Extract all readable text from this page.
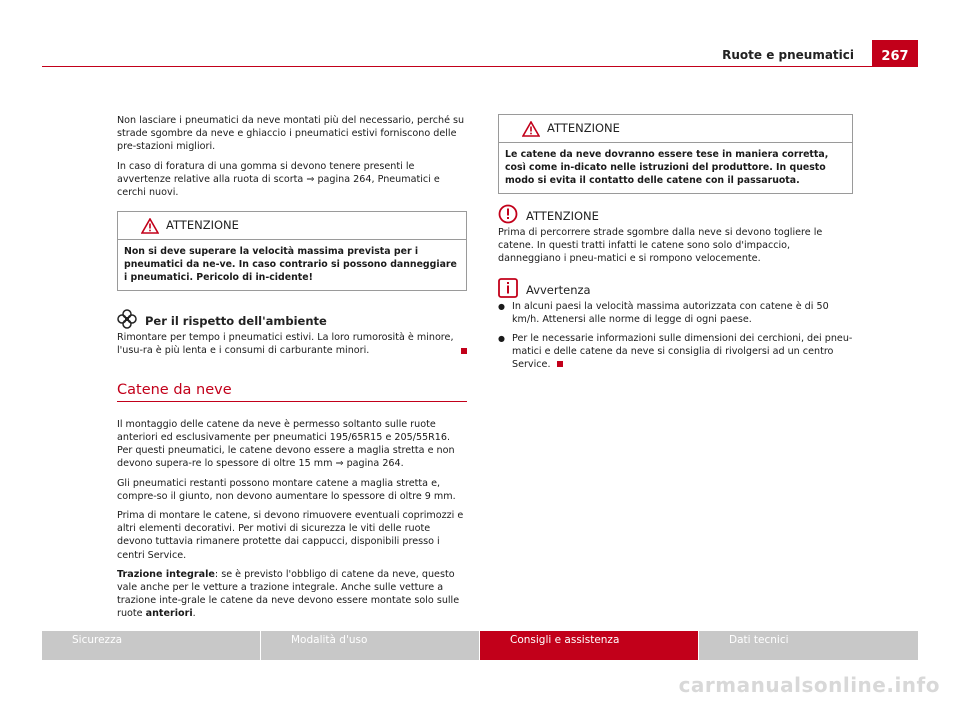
Ruote e pneumatici	267

Non lasciare i pneumatici da neve montati più del necessario, perché su strade sgombre da neve e ghiaccio i pneumatici estivi forniscono delle pre-stazioni migliori.

In caso di foratura di una gomma si devono tenere presenti le avvertenze relative alla ruota di scorta ⇒ pagina 264, Pneumatici e cerchi nuovi.

ATTENZIONE
Non si deve superare la velocità massima prevista per i pneumatici da ne-ve. In caso contrario si possono danneggiare i pneumatici. Pericolo di in-cidente!
Per il rispetto dell'ambiente

Rimontare per tempo i pneumatici estivi. La loro rumorosità è minore, l'usu-ra è più lenta e i consumi di carburante minori.

Catene da neve

Il montaggio delle catene da neve è permesso soltanto sulle ruote anteriori ed esclusivamente per pneumatici 195/65R15 e 205/55R16. Per questi pneumatici, le catene devono essere a maglia stretta e non devono supera-re lo spessore di oltre 15 mm ⇒ pagina 264.

Gli pneumatici restanti possono montare catene a maglia stretta e, compre-so il giunto, non devono aumentare lo spessore di oltre 9 mm.

Prima di montare le catene, si devono rimuovere eventuali coprimozzi e altri elementi decorativi. Per motivi di sicurezza le viti delle ruote devono tuttavia rimanere protette dai cappucci, disponibili presso i centri Service.

Trazione integrale: se è previsto l'obbligo di catene da neve, questo vale anche per le vetture a trazione integrale. Anche sulle vetture a trazione inte-grale le catene da neve devono essere montate solo sulle ruote anteriori.

ATTENZIONE
Le catene da neve dovranno essere tese in maniera corretta, così come in-dicato nelle istruzioni del produttore. In questo modo si evita il contatto delle catene con il passaruota.
ATTENZIONE

Prima di percorrere strade sgombre dalla neve si devono togliere le catene. In questi tratti infatti le catene sono solo d'impaccio, danneggiano i pneu-matici e si rompono velocemente.

Avvertenza

● In alcuni paesi la velocità massima autorizzata con catene è di 50 km/h. Attenersi alle norme di legge di ogni paese.

● Per le necessarie informazioni sulle dimensioni dei cerchioni, dei pneu-matici e delle catene da neve si consiglia di rivolgersi ad un centro Service.

Sicurezza	Modalità d'uso	Consigli e assistenza	Dati tecnici
carmanualsonline.info
